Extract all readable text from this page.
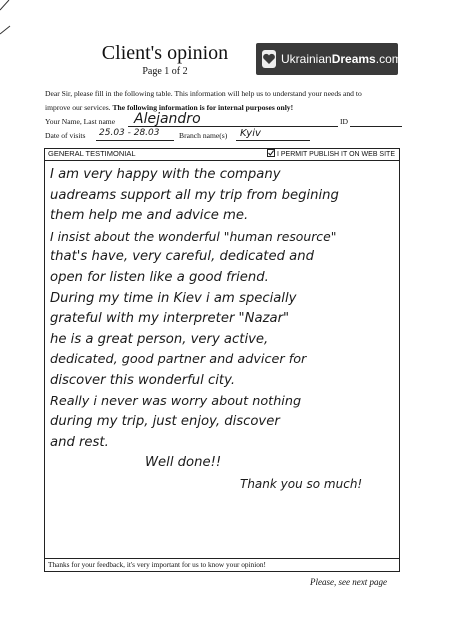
Client's opinion
Page 1 of 2
UkrainianDreams.com
Dear Sir, please fill in the following table. This information will help us to understand your needs and to
improve our services. The following information is for internal purposes only!
Your Name, Last name Alejandro	ID
Date of visits 25.03 - 28.03	Branch name(s) Kyiv
GENERAL TESTIMONIAL	I PERMIT PUBLISH IT ON WEB SITE
I am very happy with the company
uadreams support all my trip from begining
them help me and advice me.
I insist about the wonderful "human resource"
that's have, very careful, dedicated and
open for listen like a good friend.
During my time in Kiev i am specially
grateful with my interpreter "Nazar"
he is a great person, very active,
dedicated, good partner and advicer for
discover this wonderful city.
Really i never was worry about nothing
during my trip, just enjoy, discover
and rest.
Well done!!
Thank you so much!
Thanks for your feedback, it's very important for us to know your opinion!
Please, see next page
